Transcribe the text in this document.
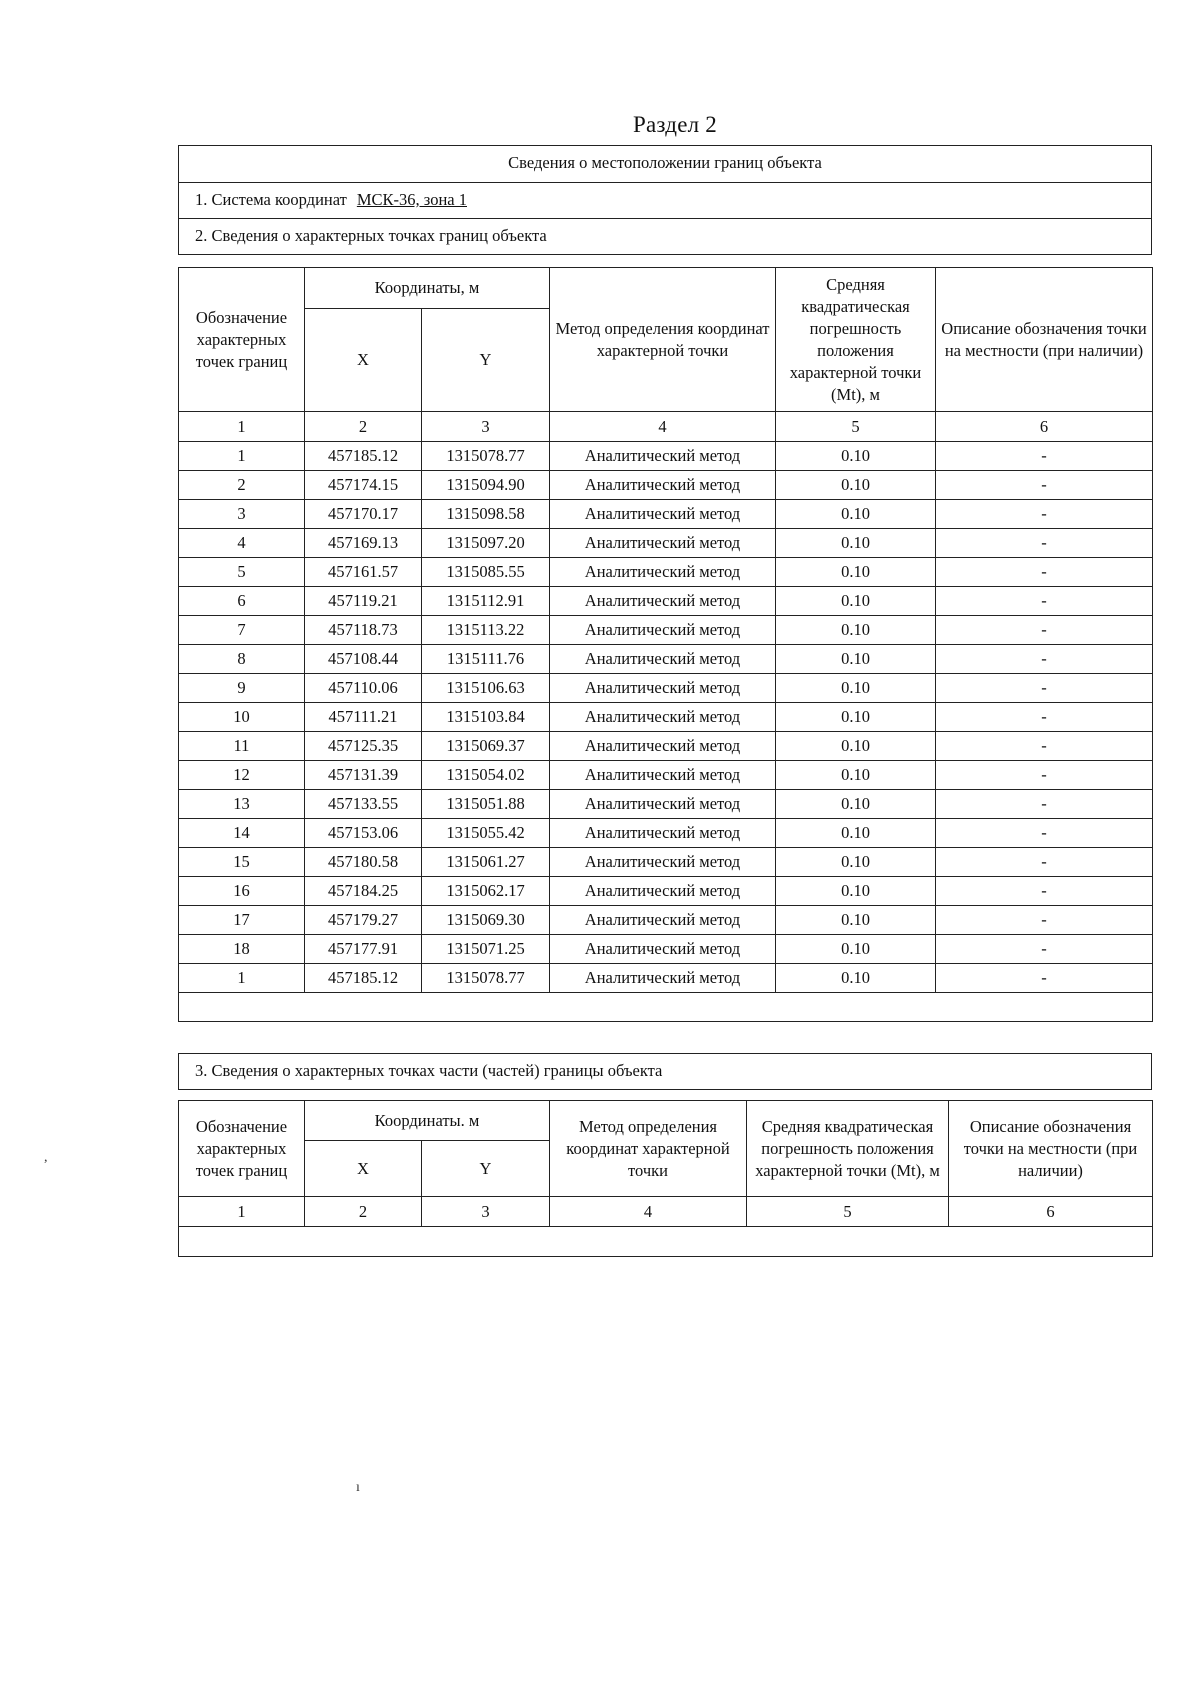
Раздел 2
Сведения о местоположении границ объекта
1. Система координат МСК-36, зона 1
2. Сведения о характерных точках границ объекта
Обозначение характерных точек границ	Координаты, м		Метод определения координат характерной точки	Средняя квадратическая погрешность положения характерной точки (Mt), м	Описание обозначения точки на местности (при наличии)
	X	Y			
1	2	3	4	5	6
1	457185.12	1315078.77	Аналитический метод	0.10	-
2	457174.15	1315094.90	Аналитический метод	0.10	-
3	457170.17	1315098.58	Аналитический метод	0.10	-
4	457169.13	1315097.20	Аналитический метод	0.10	-
5	457161.57	1315085.55	Аналитический метод	0.10	-
6	457119.21	1315112.91	Аналитический метод	0.10	-
7	457118.73	1315113.22	Аналитический метод	0.10	-
8	457108.44	1315111.76	Аналитический метод	0.10	-
9	457110.06	1315106.63	Аналитический метод	0.10	-
10	457111.21	1315103.84	Аналитический метод	0.10	-
11	457125.35	1315069.37	Аналитический метод	0.10	-
12	457131.39	1315054.02	Аналитический метод	0.10	-
13	457133.55	1315051.88	Аналитический метод	0.10	-
14	457153.06	1315055.42	Аналитический метод	0.10	-
15	457180.58	1315061.27	Аналитический метод	0.10	-
16	457184.25	1315062.17	Аналитический метод	0.10	-
17	457179.27	1315069.30	Аналитический метод	0.10	-
18	457177.91	1315071.25	Аналитический метод	0.10	-
1	457185.12	1315078.77	Аналитический метод	0.10	-

3. Сведения о характерных точках части (частей) границы объекта
Обозначение характерных точек границ	Координаты. м		Метод определения координат характерной точки	Средняя квадратическая погрешность положения характерной точки (Mt), м	Описание обозначения точки на местности (при наличии)
	X	Y			
1	2	3	4	5	6

,
ı
